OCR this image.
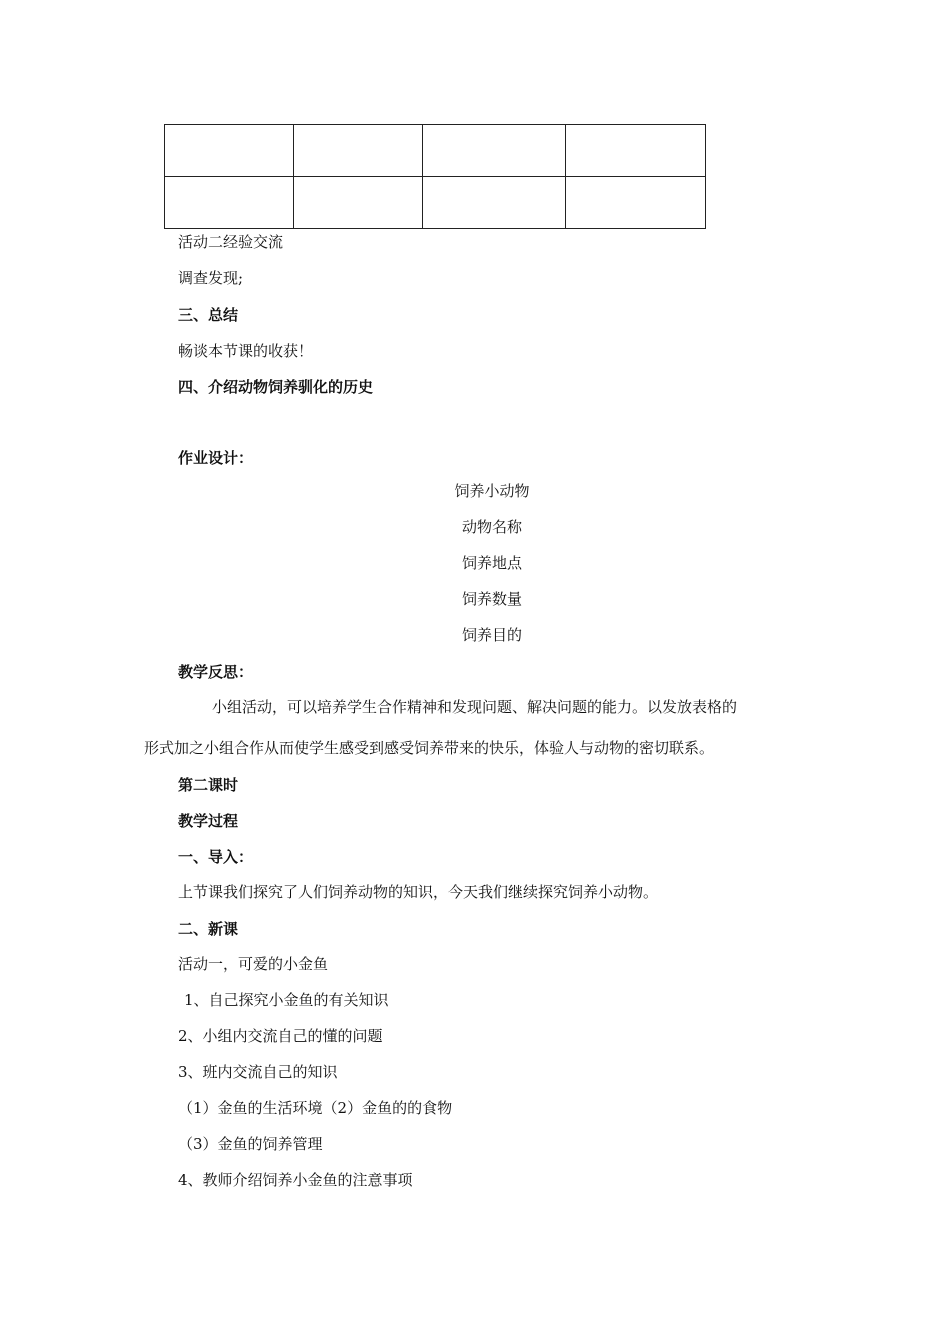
活动二经验交流
调查发现;
三、总结
畅谈本节课的收获！
四、介绍动物饲养驯化的历史
作业设计：
饲养小动物
动物名称
饲养地点
饲养数量
饲养目的
教学反思：
小组活动，可以培养学生合作精神和发现问题、解决问题的能力。以发放表格的
形式加之小组合作从而使学生感受到感受饲养带来的快乐，体验人与动物的密切联系。
第二课时
教学过程
一、导入：
上节课我们探究了人们饲养动物的知识，今天我们继续探究饲养小动物。
二、新课
活动一，可爱的小金鱼
1、自己探究小金鱼的有关知识
2、小组内交流自己的懂的问题
3、班内交流自己的知识
（1）金鱼的生活环境（2）金鱼的的食物
（3）金鱼的饲养管理
4、教师介绍饲养小金鱼的注意事项
